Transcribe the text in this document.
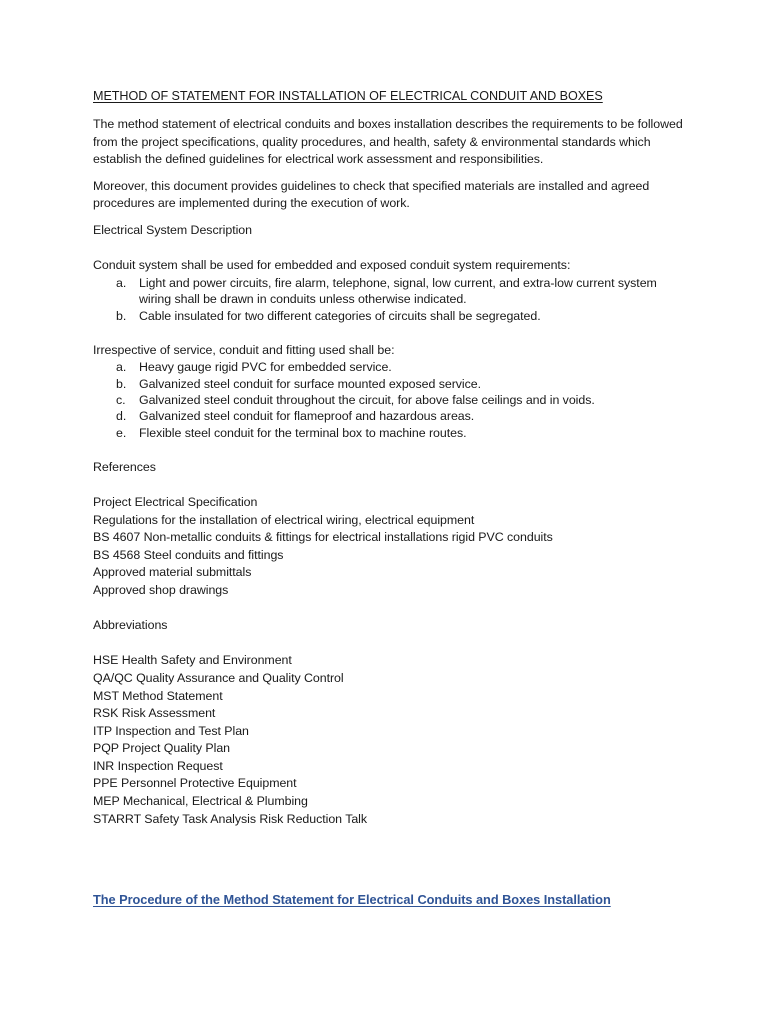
METHOD OF STATEMENT FOR INSTALLATION OF ELECTRICAL CONDUIT AND BOXES

The method statement of electrical conduits and boxes installation describes the requirements to be followed from the project specifications, quality procedures, and health, safety & environmental standards which establish the defined guidelines for electrical work assessment and responsibilities.

Moreover, this document provides guidelines to check that specified materials are installed and agreed procedures are implemented during the execution of work.

Electrical System Description
Conduit system shall be used for embedded and exposed conduit system requirements:
a. Light and power circuits, fire alarm, telephone, signal, low current, and extra-low current system wiring shall be drawn in conduits unless otherwise indicated.
b. Cable insulated for two different categories of circuits shall be segregated.
Irrespective of service, conduit and fitting used shall be:
a. Heavy gauge rigid PVC for embedded service.
b. Galvanized steel conduit for surface mounted exposed service.
c. Galvanized steel conduit throughout the circuit, for above false ceilings and in voids.
d. Galvanized steel conduit for flameproof and hazardous areas.
e. Flexible steel conduit for the terminal box to machine routes.
References
Project Electrical Specification
Regulations for the installation of electrical wiring, electrical equipment
BS 4607 Non-metallic conduits & fittings for electrical installations rigid PVC conduits
BS 4568 Steel conduits and fittings
Approved material submittals
Approved shop drawings
Abbreviations
HSE Health Safety and Environment
QA/QC Quality Assurance and Quality Control
MST Method Statement
RSK Risk Assessment
ITP Inspection and Test Plan
PQP Project Quality Plan
INR Inspection Request
PPE Personnel Protective Equipment
MEP Mechanical, Electrical & Plumbing
STARRT Safety Task Analysis Risk Reduction Talk
The Procedure of the Method Statement for Electrical Conduits and Boxes Installation
